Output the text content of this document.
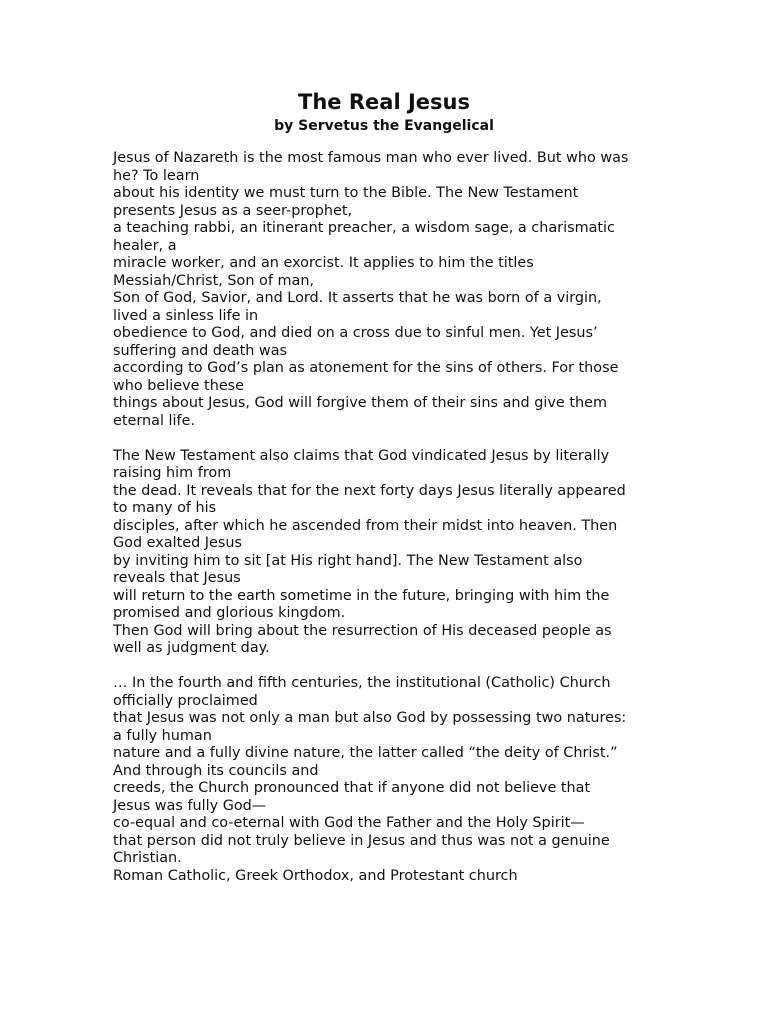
The Real Jesus
by Servetus the Evangelical
Jesus of Nazareth is the most famous man who ever lived. But who was
he? To learn
about his identity we must turn to the Bible. The New Testament
presents Jesus as a seer-prophet,
a teaching rabbi, an itinerant preacher, a wisdom sage, a charismatic
healer, a
miracle worker, and an exorcist. It applies to him the titles
Messiah/Christ, Son of man,
Son of God, Savior, and Lord. It asserts that he was born of a virgin,
lived a sinless life in
obedience to God, and died on a cross due to sinful men. Yet Jesus’
suffering and death was
according to God’s plan as atonement for the sins of others. For those
who believe these
things about Jesus, God will forgive them of their sins and give them
eternal life.
The New Testament also claims that God vindicated Jesus by literally
raising him from
the dead. It reveals that for the next forty days Jesus literally appeared
to many of his
disciples, after which he ascended from their midst into heaven. Then
God exalted Jesus
by inviting him to sit [at His right hand]. The New Testament also
reveals that Jesus
will return to the earth sometime in the future, bringing with him the
promised and glorious kingdom.
Then God will bring about the resurrection of His deceased people as
well as judgment day.
… In the fourth and fifth centuries, the institutional (Catholic) Church
officially proclaimed
that Jesus was not only a man but also God by possessing two natures:
a fully human
nature and a fully divine nature, the latter called “the deity of Christ.”
And through its councils and
creeds, the Church pronounced that if anyone did not believe that
Jesus was fully God—
co-equal and co-eternal with God the Father and the Holy Spirit—
that person did not truly believe in Jesus and thus was not a genuine
Christian.
Roman Catholic, Greek Orthodox, and Protestant church
